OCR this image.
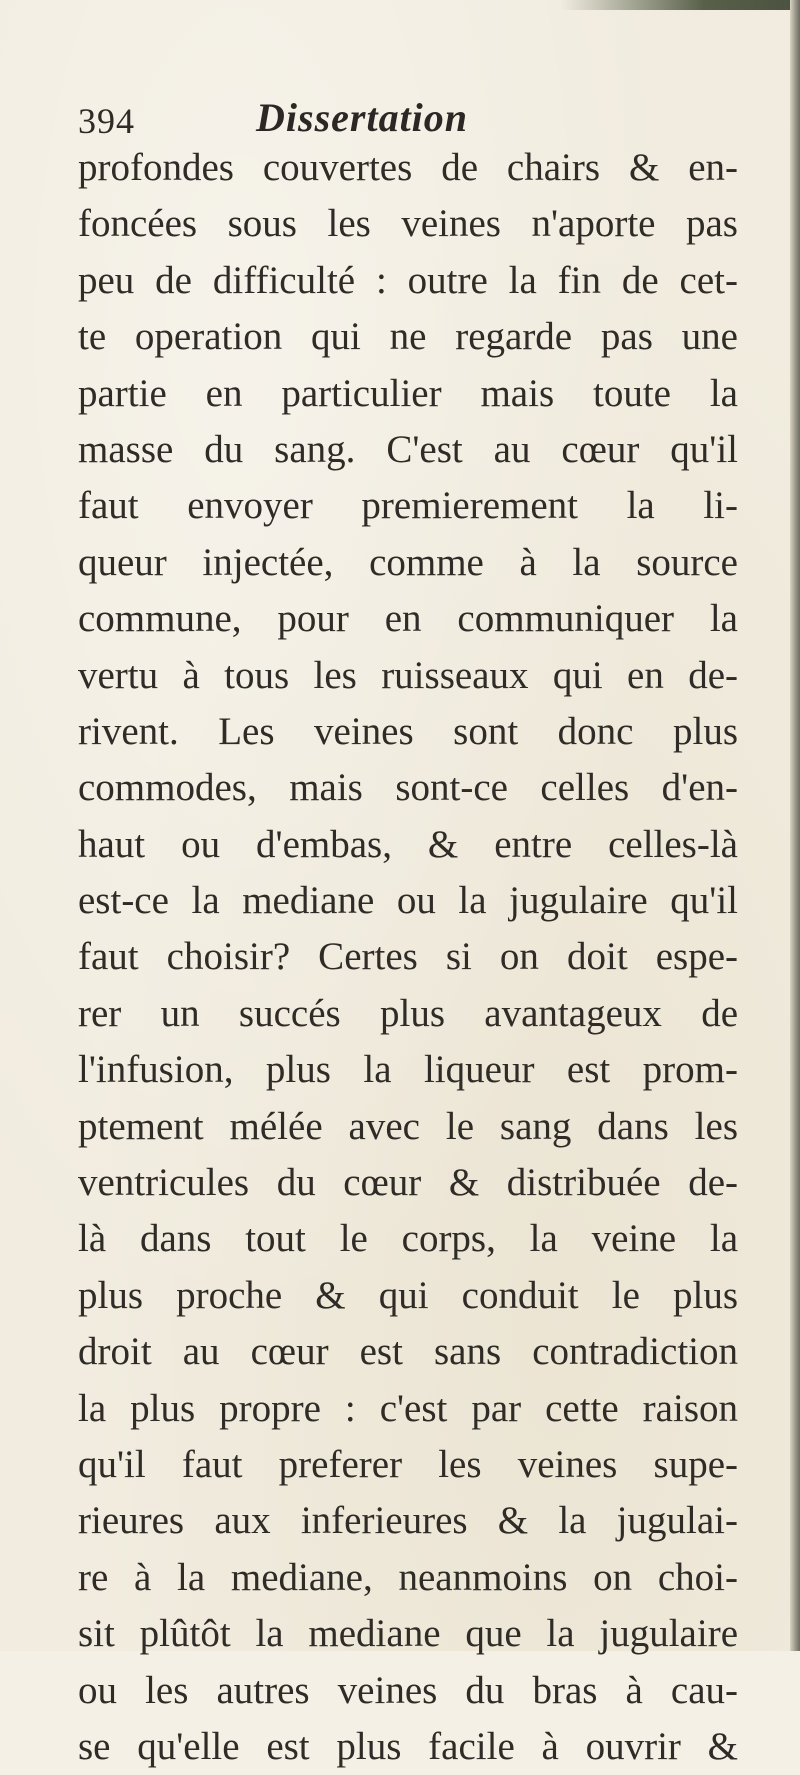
394	Dissertation
profondes couvertes de chairs & en-
foncées sous les veines n'aporte pas
peu de difficulté : outre la fin de cet-
te operation qui ne regarde pas une
partie en particulier mais toute la
masse du sang. C'est au cœur qu'il
faut envoyer premierement la li-
queur injectée, comme à la source
commune, pour en communiquer la
vertu à tous les ruisseaux qui en de-
rivent. Les veines sont donc plus
commodes, mais sont-ce celles d'en-
haut ou d'embas, & entre celles-là
est-ce la mediane ou la jugulaire qu'il
faut choisir? Certes si on doit espe-
rer un succés plus avantageux de
l'infusion, plus la liqueur est prom-
ptement mélée avec le sang dans les
ventricules du cœur & distribuée de-
là dans tout le corps, la veine la
plus proche & qui conduit le plus
droit au cœur est sans contradiction
la plus propre : c'est par cette raison
qu'il faut preferer les veines supe-
rieures aux inferieures & la jugulai-
re à la mediane, neanmoins on choi-
sit plûtôt la mediane que la jugulaire
ou les autres veines du bras à cau-
se qu'elle est plus facile à ouvrir &
